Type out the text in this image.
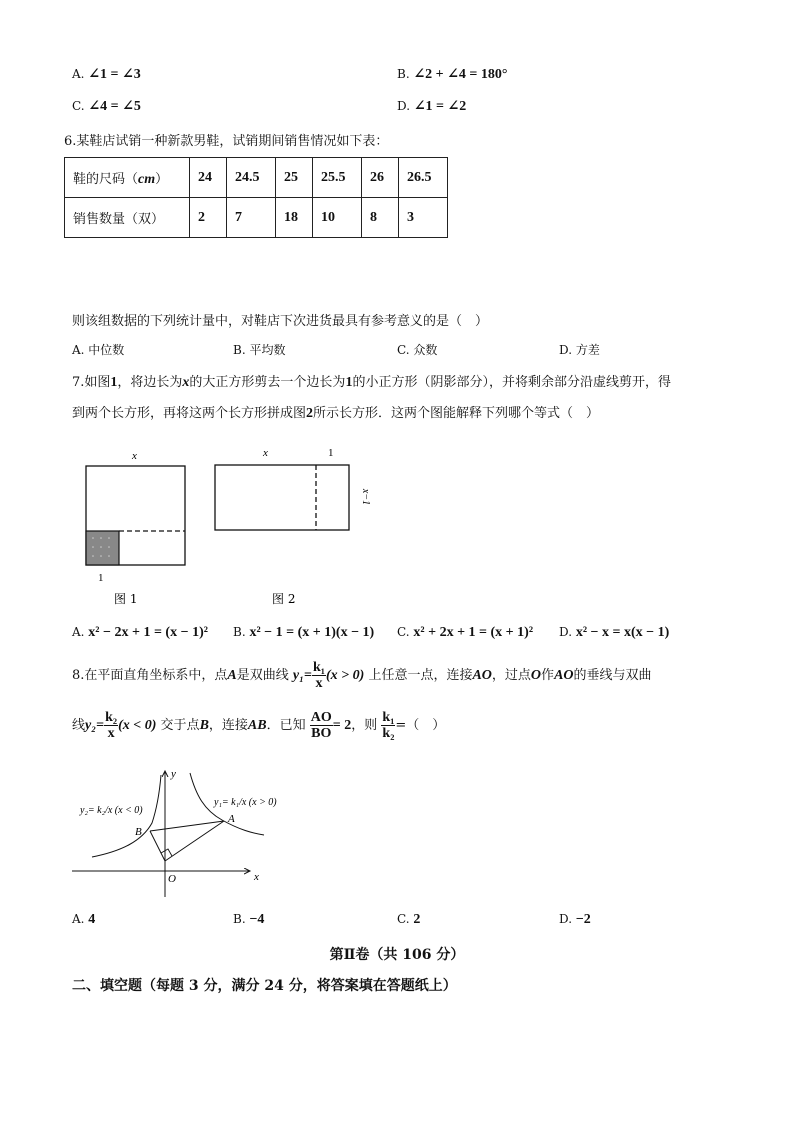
A. ∠1 = ∠3	B. ∠2 + ∠4 = 180°
C. ∠4 = ∠5	D. ∠1 = ∠2
6.某鞋店试销一种新款男鞋，试销期间销售情况如下表：
鞋的尺码（cm）	24	24.5	25	25.5	26	26.5
销售数量（双）	2	7	18	10	8	3
则该组数据的下列统计量中，对鞋店下次进货最具有参考意义的是（　）
A. 中位数	B. 平均数	C. 众数	D. 方差
7.如图1，将边长为x的大正方形剪去一个边长为1的小正方形（阴影部分），并将剩余部分沿虚线剪开，得
到两个长方形，再将这两个长方形拼成图2所示长方形．这两个图能解释下列哪个等式（　）
x
1
图 1
x	1
x−1
图 2
A. x² − 2x + 1 = (x − 1)² B. x² − 1 = (x + 1)(x − 1) C. x² + 2x + 1 = (x + 1)² D. x² − x = x(x − 1)
8.在平面直角坐标系中，点A是双曲线 $y_1= \frac{\text{k₁}}{x} (x > 0)$ 上任意一点，连接AO，过点O作AO的垂线与双曲
线$y_2= \frac{\text{k₂}}{x} (x < 0)$ 交于点B，连接AB．已知 $\frac{AO}{BO} = 2$，则 $\frac{\text{k₁}}{\text{k₂}}$ =（　）
y
x
O
A
B
y₂= k₂/x (x < 0)
y₁= k₁/x (x > 0)
A. 4	B. −4	C. 2	D. −2
第Ⅱ卷（共 106 分）
二、填空题（每题 3 分，满分 24 分，将答案填在答题纸上）
